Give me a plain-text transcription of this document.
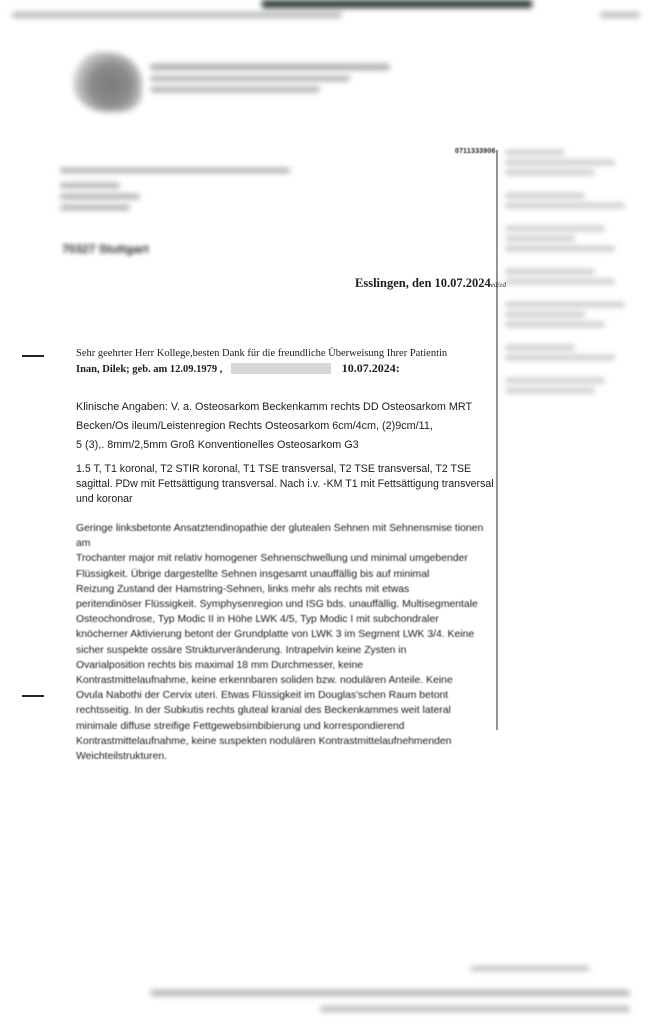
0711333906
70327 Stuttgart
Esslingen, den 10.07.2024ed/ed
Sehr geehrter Herr Kollege,besten Dank für die freundliche Überweisung Ihrer Patientin
Inan, Dilek; geb. am 12.09.1979 ,	10.07.2024:

Klinische Angaben: V. a. Osteosarkom Beckenkamm rechts DD Osteosarkom MRT

Becken/Os ileum/Leistenregion Rechts Osteosarkom 6cm/4cm, (2)9cm/11,

5 (3),. 8mm/2,5mm Groß Konventionelles Osteosarkom G3

1.5 T, T1 koronal, T2 STIR koronal, T1 TSE transversal, T2 TSE transversal, T2 TSE

sagittal. PDw mit Fettsättigung transversal. Nach i.v. -KM T1 mit Fettsättigung transversal und koronar

Geringe linksbetonte Ansatztendinopathie der glutealen Sehnen mit Sehnensmise tionen am

Trochanter major mit relativ homogener Sehnenschwellung und minimal umgebender

Flüssigkeit. Übrige dargestellte Sehnen insgesamt unauffällig bis auf minimal

Reizung Zustand der Hamstring-Sehnen, links mehr als rechts mit etwas

peritendinöser Flüssigkeit. Symphysenregion und ISG bds. unauffällig. Multisegmentale

Osteochondrose, Typ Modic II in Höhe LWK 4/5, Typ Modic I mit subchondraler

knöcherner Aktivierung betont der Grundplatte von LWK 3 im Segment LWK 3/4. Keine

sicher suspekte ossäre Strukturveränderung. Intrapelvin keine Zysten in

Ovarialposition rechts bis maximal 18 mm Durchmesser, keine

Kontrastmittelaufnahme, keine erkennbaren soliden bzw. nodulären Anteile. Keine

Ovula Nabothi der Cervix uteri. Etwas Flüssigkeit im Douglas'schen Raum betont

rechtsseitig. In der Subkutis rechts gluteal kranial des Beckenkammes weit lateral

minimale diffuse streifige Fettgewebsimbibierung und korrespondierend

Kontrastmittelaufnahme, keine suspekten nodulären Kontrastmittelaufnehmenden

Weichteilstrukturen.
